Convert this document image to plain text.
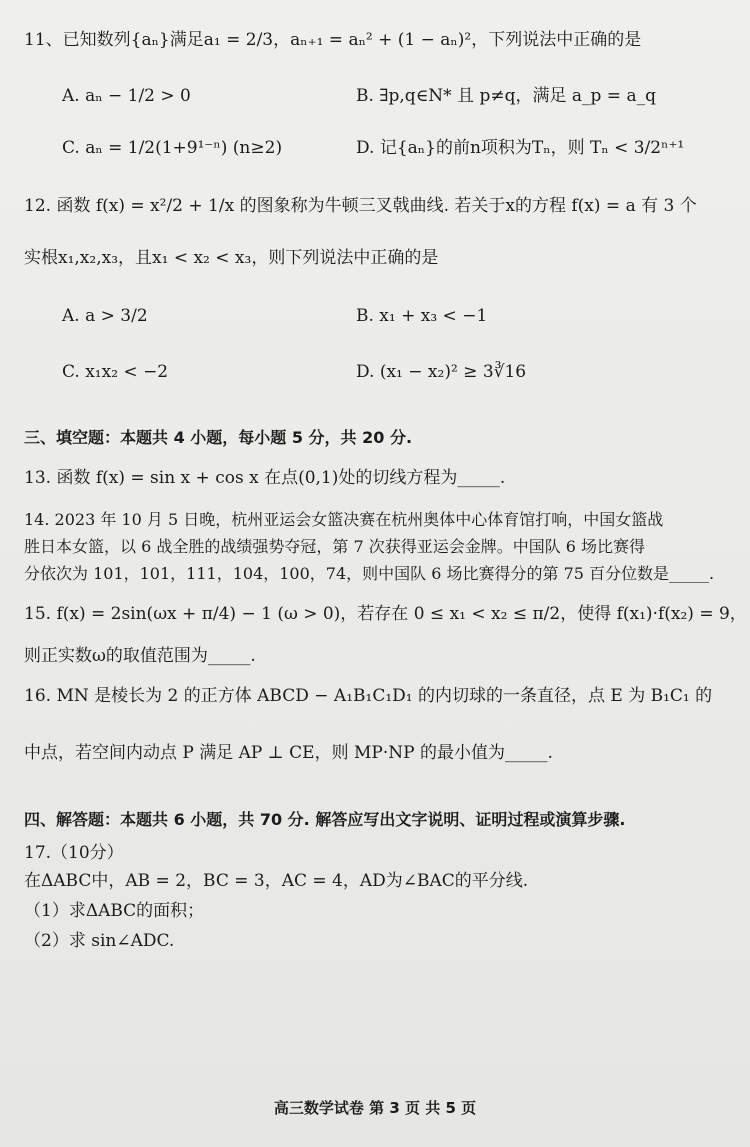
11、已知数列{aₙ}满足a₁ = 2/3，aₙ₊₁ = aₙ² + (1 − aₙ)²，下列说法中正确的是
A. aₙ − 1/2 > 0	B. ∃p,q∈N* 且 p≠q，满足 a_p = a_q
C. aₙ = 1/2(1+9¹⁻ⁿ) (n≥2)	D. 记{aₙ}的前n项积为Tₙ，则 Tₙ < 3/2ⁿ⁺¹
12. 函数 f(x) = x²/2 + 1/x 的图象称为牛顿三叉戟曲线. 若关于x的方程 f(x) = a 有 3 个
实根x₁,x₂,x₃，且x₁ < x₂ < x₃，则下列说法中正确的是
A. a > 3/2	B. x₁ + x₃ < −1
C. x₁x₂ < −2	D. (x₁ − x₂)² ≥ 3∛16
三、填空题：本题共 4 小题，每小题 5 分，共 20 分.
13. 函数 f(x) = sin x + cos x 在点(0,1)处的切线方程为_____.
14. 2023 年 10 月 5 日晚，杭州亚运会女篮决赛在杭州奥体中心体育馆打响，中国女篮战
胜日本女篮，以 6 战全胜的战绩强势夺冠，第 7 次获得亚运会金牌。中国队 6 场比赛得
分依次为 101，101，111，104，100，74，则中国队 6 场比赛得分的第 75 百分位数是_____.
15. f(x) = 2sin(ωx + π/4) − 1 (ω > 0)，若存在 0 ≤ x₁ < x₂ ≤ π/2，使得 f(x₁)·f(x₂) = 9，
则正实数ω的取值范围为_____.
16. MN 是棱长为 2 的正方体 ABCD − A₁B₁C₁D₁ 的内切球的一条直径，点 E 为 B₁C₁ 的
中点，若空间内动点 P 满足 AP ⊥ CE，则 MP·NP 的最小值为_____.
四、解答题：本题共 6 小题，共 70 分. 解答应写出文字说明、证明过程或演算步骤.
17.（10分）
在ΔABC中，AB = 2，BC = 3，AC = 4，AD为∠BAC的平分线.
（1）求ΔABC的面积；
（2）求 sin∠ADC.
高三数学试卷 第 3 页 共 5 页
